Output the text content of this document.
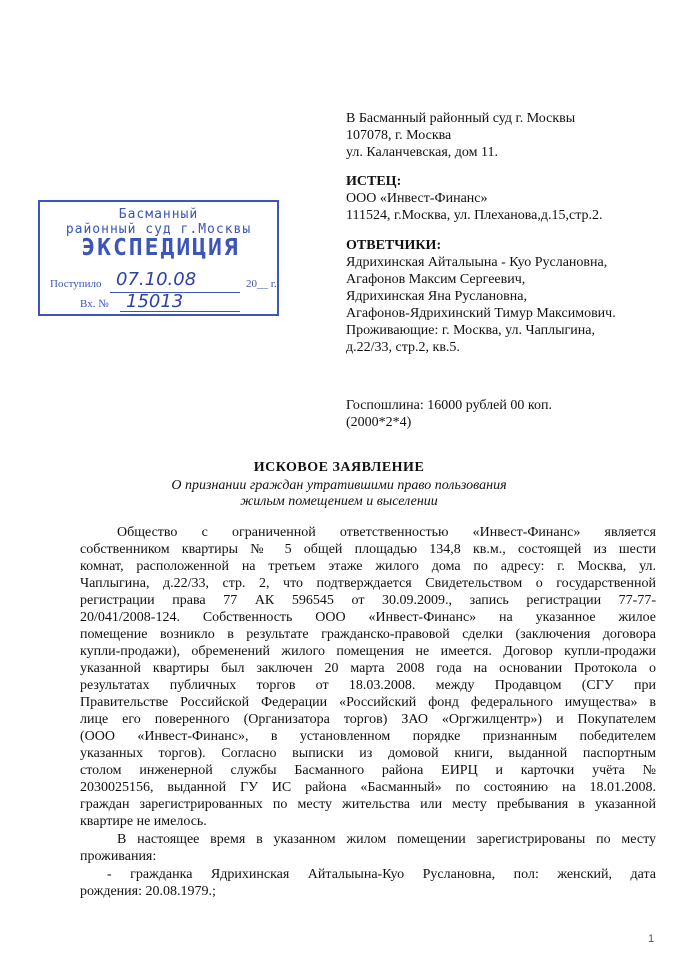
В Басманный районный суд г. Москвы
107078, г. Москва
ул. Каланчевская, дом 11.
ИСТЕЦ:
ООО «Инвест-Финанс»
111524, г.Москва, ул. Плеханова,д.15,стр.2.
ОТВЕТЧИКИ:
Ядрихинская Айталыына - Куо Руслановна,
Агафонов Максим Сергеевич,
Ядрихинская Яна Руслановна,
Агафонов-Ядрихинский Тимур Максимович.
Проживающие: г. Москва, ул. Чаплыгина,
д.22/33, стр.2, кв.5.
Госпошлина: 16000 рублей 00 коп.
(2000*2*4)
Басманный
районный суд г.Москвы
ЭКСПЕДИЦИЯ
Поступило 07.10.08	20__ г.
Вх. № 15013
ИСКОВОЕ ЗАЯВЛЕНИЕ
О признании граждан утратившими право пользования
жилым помещением и выселении
Общество с ограниченной ответственностью «Инвест-Финанс» является
собственником квартиры № 5 общей площадью 134,8 кв.м., состоящей из шести
комнат, расположенной на третьем этаже жилого дома по адресу: г. Москва, ул.
Чаплыгина, д.22/33, стр. 2, что подтверждается Свидетельством о государственной
регистрации права 77 АК 596545 от 30.09.2009., запись регистрации 77-77-
20/041/2008-124. Собственность ООО «Инвест-Финанс» на указанное жилое
помещение возникло в результате гражданско-правовой сделки (заключения договора
купли-продажи), обременений жилого помещения не имеется. Договор купли-продажи
указанной квартиры был заключен 20 марта 2008 года на основании Протокола о
результатах публичных торгов от 18.03.2008. между Продавцом (СГУ при
Правительстве Российской Федерации «Российский фонд федерального имущества» в
лице его поверенного (Организатора торгов) ЗАО «Оргжилцентр») и Покупателем
(ООО «Инвест-Финанс», в установленном порядке признанным победителем
указанных торгов). Согласно выписки из домовой книги, выданной паспортным
столом инженерной службы Басманного района ЕИРЦ и карточки учёта №
2030025156, выданной ГУ ИС района «Басманный» по состоянию на 18.01.2008.
граждан зарегистрированных по месту жительства или месту пребывания в указанной
квартире не имелось.
В настоящее время в указанном жилом помещении зарегистрированы по месту
проживания:
- гражданка Ядрихинская Айталыына-Куо Руслановна, пол: женский, дата
рождения: 20.08.1979.;
1
